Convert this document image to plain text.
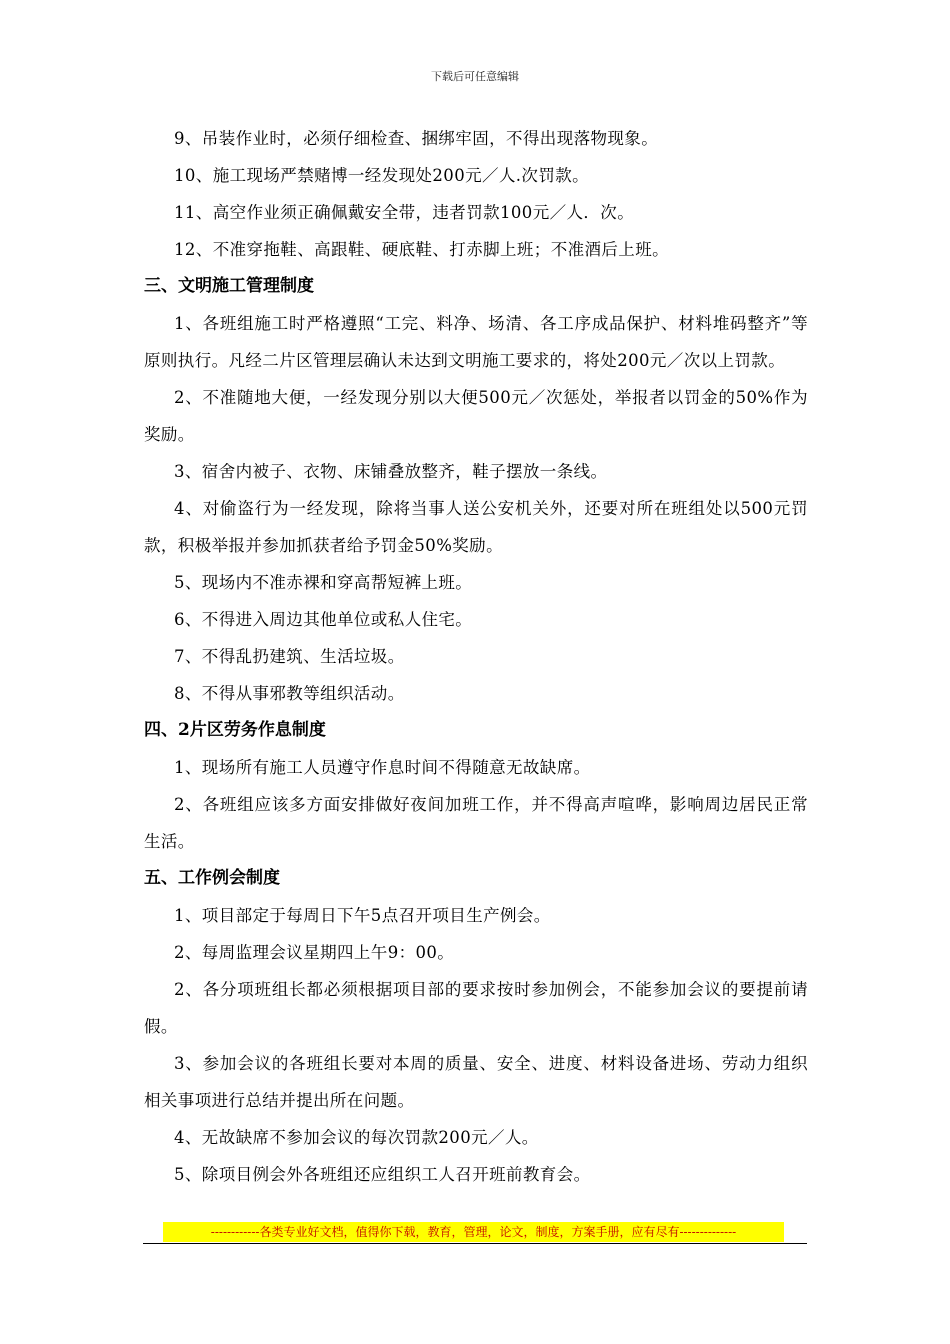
下载后可任意编辑

9、吊装作业时，必须仔细检查、捆绑牢固，不得出现落物现象。

10、施工现场严禁赌博一经发现处200元／人.次罚款。

11、高空作业须正确佩戴安全带，违者罚款100元／人．次。

12、不准穿拖鞋、高跟鞋、硬底鞋、打赤脚上班；不准酒后上班。

三、文明施工管理制度

1、各班组施工时严格遵照“工完、料净、场清、各工序成品保护、材料堆码整齐”等原则执行。凡经二片区管理层确认未达到文明施工要求的，将处200元／次以上罚款。

2、不准随地大便，一经发现分别以大便500元／次惩处，举报者以罚金的50%作为奖励。

3、宿舍内被子、衣物、床铺叠放整齐，鞋子摆放一条线。

4、对偷盗行为一经发现，除将当事人送公安机关外，还要对所在班组处以500元罚款，积极举报并参加抓获者给予罚金50%奖励。

5、现场内不准赤裸和穿高帮短裤上班。

6、不得进入周边其他单位或私人住宅。

7、不得乱扔建筑、生活垃圾。

8、不得从事邪教等组织活动。

四、2片区劳务作息制度

1、现场所有施工人员遵守作息时间不得随意无故缺席。

2、各班组应该多方面安排做好夜间加班工作，并不得高声喧哗，影响周边居民正常生活。

五、工作例会制度

1、项目部定于每周日下午5点召开项目生产例会。

2、每周监理会议星期四上午9：00。

2、各分项班组长都必须根据项目部的要求按时参加例会，不能参加会议的要提前请假。

3、参加会议的各班组长要对本周的质量、安全、进度、材料设备进场、劳动力组织相关事项进行总结并提出所在问题。

4、无故缺席不参加会议的每次罚款200元／人。

5、除项目例会外各班组还应组织工人召开班前教育会。

------------各类专业好文档，值得你下载，教育，管理，论文，制度，方案手册，应有尽有--------------
